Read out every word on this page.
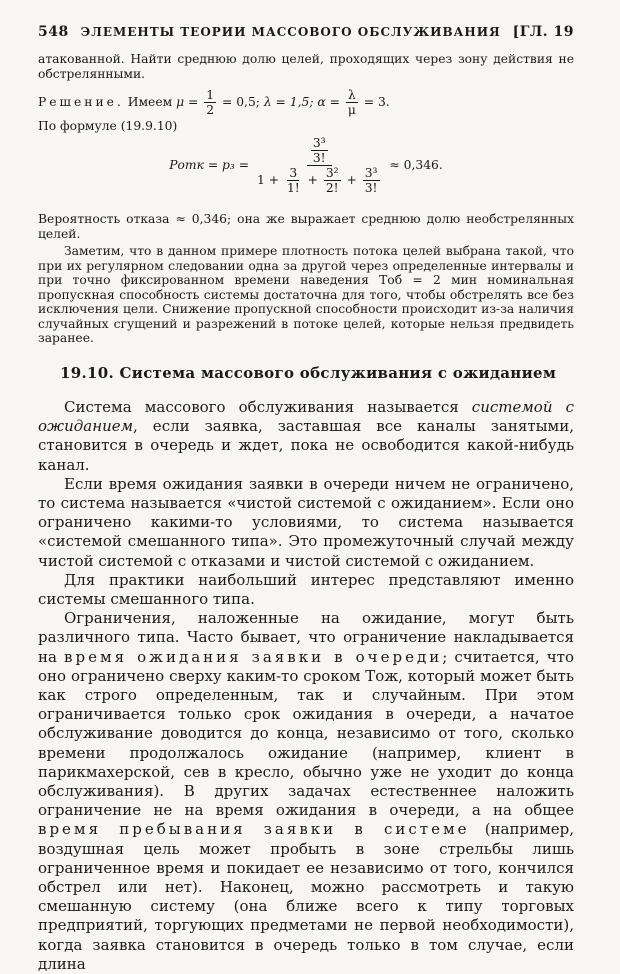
548 ЭЛЕМЕНТЫ ТЕОРИИ МАССОВОГО ОБСЛУЖИВАНИЯ [ГЛ. 19
атакованной. Найти среднюю долю целей, проходящих через зону действия не обстрелянными.
Решение. Имеем $\mu = \frac{1}{2} = 0,5$; λ = 1,5; $\alpha = \frac{\lambda}{\mu} = 3$.
По формуле (19.9.10)
Pотк = $p_3 = \frac{\frac{\text{3³}}{3!}}{1 + \frac{3}{1!} + \frac{\text{3²}}{2!} + \frac{\text{3³}}{3!}} \approx 0,346$.
Вероятность отказа ≈ 0,346; она же выражает среднюю долю необстрелянных целей.
Заметим, что в данном примере плотность потока целей выбрана такой, что при их регулярном следовании одна за другой через определенные интервалы и при точно фиксированном времени наведения Tоб = 2 мин номинальная пропускная способность системы достаточна для того, чтобы обстрелять все без исключения цели. Снижение пропускной способности происходит из-за наличия случайных сгущений и разрежений в потоке целей, которые нельзя предвидеть заранее.
19.10. Система массового обслуживания с ожиданием

Система массового обслуживания называется системой с ожиданием, если заявка, заставшая все каналы занятыми, становится в очередь и ждет, пока не освободится какой-нибудь канал.

Если время ожидания заявки в очереди ничем не ограничено, то система называется «чистой системой с ожиданием». Если оно ограничено какими-то условиями, то система называется «системой смешанного типа». Это промежуточный случай между чистой системой с отказами и чистой системой с ожиданием.

Для практики наибольший интерес представляют именно системы смешанного типа.

Ограничения, наложенные на ожидание, могут быть различного типа. Часто бывает, что ограничение накладывается на время ожидания заявки в очереди; считается, что оно ограничено сверху каким-то сроком Tож, который может быть как строго определенным, так и случайным. При этом ограничивается только срок ожидания в очереди, а начатое обслуживание доводится до конца, независимо от того, сколько времени продолжалось ожидание (например, клиент в парикмахерской, сев в кресло, обычно уже не уходит до конца обслуживания). В других задачах естественнее наложить ограничение не на время ожидания в очереди, а на общее время пребывания заявки в системе (например, воздушная цель может пробыть в зоне стрельбы лишь ограниченное время и покидает ее независимо от того, кончился обстрел или нет). Наконец, можно рассмотреть и такую смешанную систему (она ближе всего к типу торговых предприятий, торгующих предметами не первой необходимости), когда заявка становится в очередь только в том случае, если длина
